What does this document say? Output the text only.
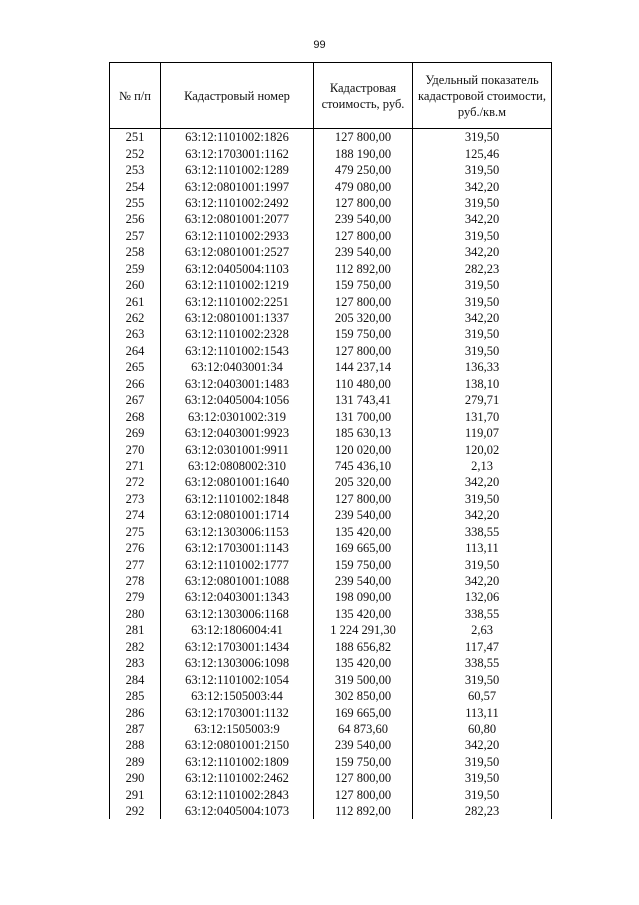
99
№ п/п	Кадастровый номер	Кадастровая стоимость, руб.	Удельный показатель кадастровой стоимости, руб./кв.м
251	63:12:1101002:1826	127 800,00	319,50
252	63:12:1703001:1162	188 190,00	125,46
253	63:12:1101002:1289	479 250,00	319,50
254	63:12:0801001:1997	479 080,00	342,20
255	63:12:1101002:2492	127 800,00	319,50
256	63:12:0801001:2077	239 540,00	342,20
257	63:12:1101002:2933	127 800,00	319,50
258	63:12:0801001:2527	239 540,00	342,20
259	63:12:0405004:1103	112 892,00	282,23
260	63:12:1101002:1219	159 750,00	319,50
261	63:12:1101002:2251	127 800,00	319,50
262	63:12:0801001:1337	205 320,00	342,20
263	63:12:1101002:2328	159 750,00	319,50
264	63:12:1101002:1543	127 800,00	319,50
265	63:12:0403001:34	144 237,14	136,33
266	63:12:0403001:1483	110 480,00	138,10
267	63:12:0405004:1056	131 743,41	279,71
268	63:12:0301002:319	131 700,00	131,70
269	63:12:0403001:9923	185 630,13	119,07
270	63:12:0301001:9911	120 020,00	120,02
271	63:12:0808002:310	745 436,10	2,13
272	63:12:0801001:1640	205 320,00	342,20
273	63:12:1101002:1848	127 800,00	319,50
274	63:12:0801001:1714	239 540,00	342,20
275	63:12:1303006:1153	135 420,00	338,55
276	63:12:1703001:1143	169 665,00	113,11
277	63:12:1101002:1777	159 750,00	319,50
278	63:12:0801001:1088	239 540,00	342,20
279	63:12:0403001:1343	198 090,00	132,06
280	63:12:1303006:1168	135 420,00	338,55
281	63:12:1806004:41	1 224 291,30	2,63
282	63:12:1703001:1434	188 656,82	117,47
283	63:12:1303006:1098	135 420,00	338,55
284	63:12:1101002:1054	319 500,00	319,50
285	63:12:1505003:44	302 850,00	60,57
286	63:12:1703001:1132	169 665,00	113,11
287	63:12:1505003:9	64 873,60	60,80
288	63:12:0801001:2150	239 540,00	342,20
289	63:12:1101002:1809	159 750,00	319,50
290	63:12:1101002:2462	127 800,00	319,50
291	63:12:1101002:2843	127 800,00	319,50
292	63:12:0405004:1073	112 892,00	282,23
